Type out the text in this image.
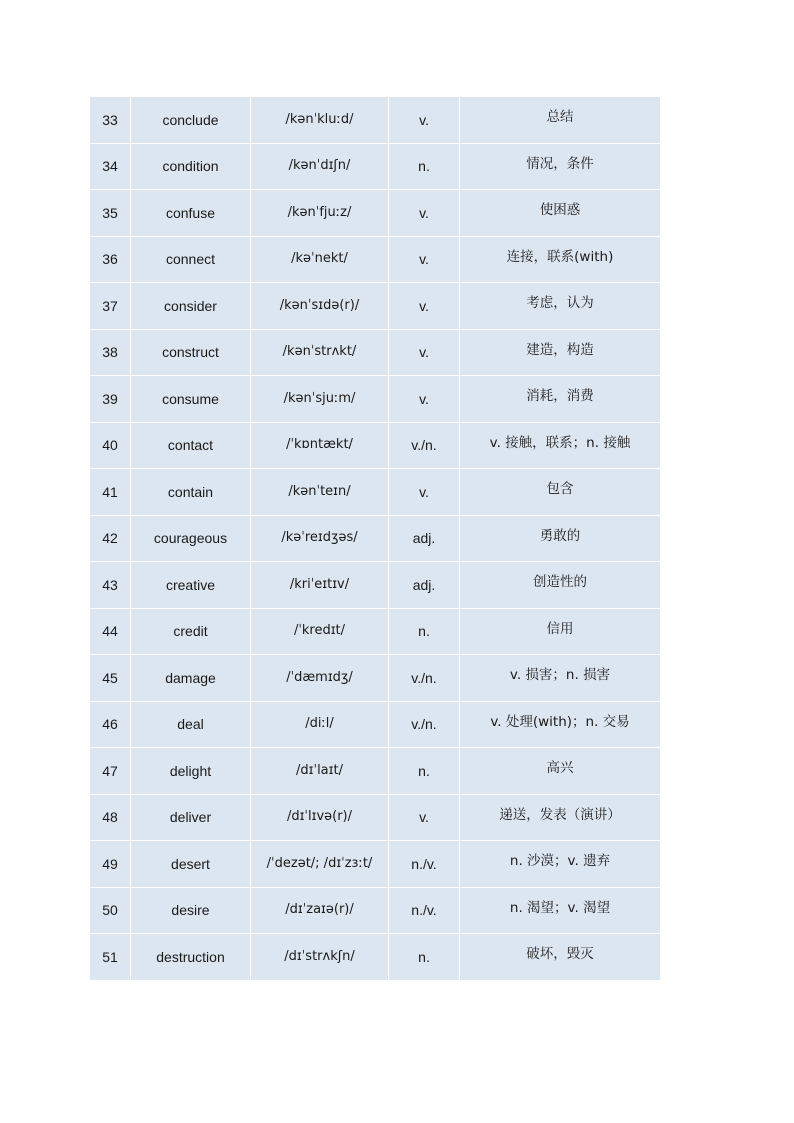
33	conclude	/kənˈkluːd/	v.	总结
34	condition	/kənˈdɪʃn/	n.	情况，条件
35	confuse	/kənˈfjuːz/	v.	使困惑
36	connect	/kəˈnekt/	v.	连接，联系(with)
37	consider	/kənˈsɪdə(r)/	v.	考虑，认为
38	construct	/kənˈstrʌkt/	v.	建造，构造
39	consume	/kənˈsjuːm/	v.	消耗，消费
40	contact	/ˈkɒntækt/	v./n.	v. 接触，联系；n. 接触
41	contain	/kənˈteɪn/	v.	包含
42	courageous	/kəˈreɪdʒəs/	adj.	勇敢的
43	creative	/kriˈeɪtɪv/	adj.	创造性的
44	credit	/ˈkredɪt/	n.	信用
45	damage	/ˈdæmɪdʒ/	v./n.	v. 损害；n. 损害
46	deal	/diːl/	v./n.	v. 处理(with)；n. 交易
47	delight	/dɪˈlaɪt/	n.	高兴
48	deliver	/dɪˈlɪvə(r)/	v.	递送，发表（演讲）
49	desert	/ˈdezət/; /dɪˈzɜːt/	n./v.	n. 沙漠；v. 遗弃
50	desire	/dɪˈzaɪə(r)/	n./v.	n. 渴望；v. 渴望
51	destruction	/dɪˈstrʌkʃn/	n.	破坏，毁灭
